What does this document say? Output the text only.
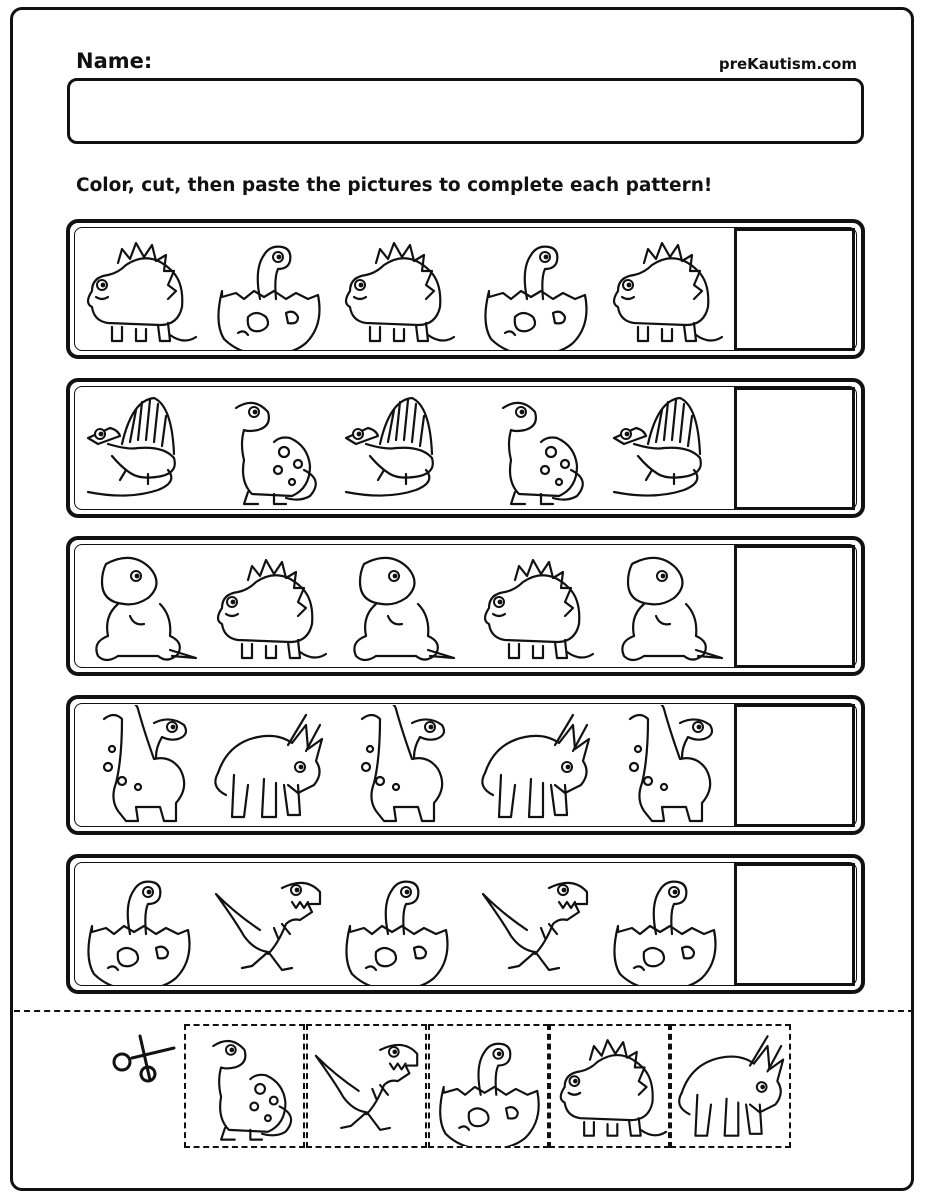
Name:	preKautism.com
Color, cut, then paste the pictures to complete each pattern!
